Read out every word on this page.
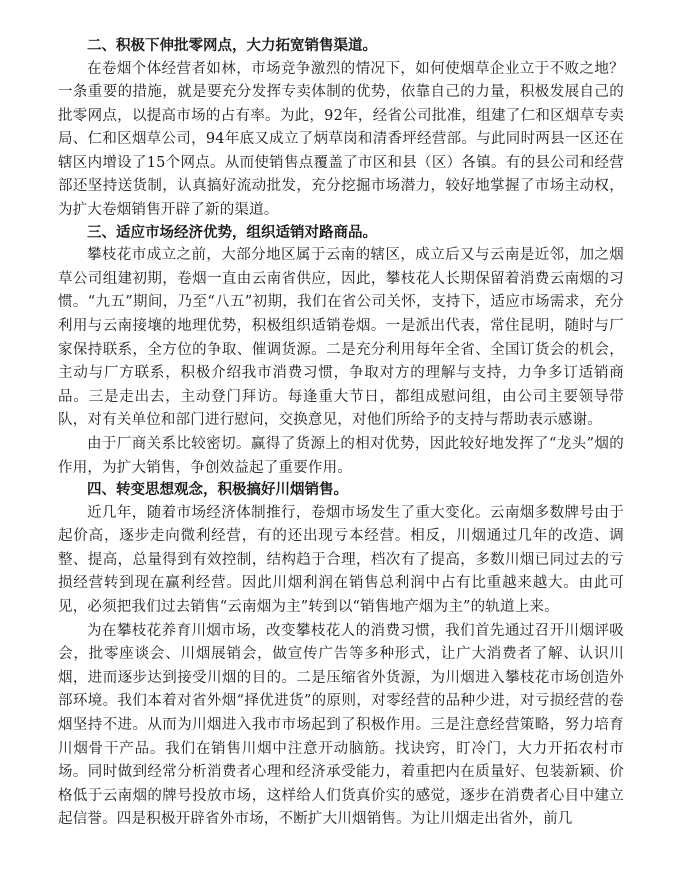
二、积极下伸批零网点，大力拓宽销售渠道。

在卷烟个体经营者如林，市场竞争激烈的情况下，如何使烟草企业立于不败之地？一条重要的措施，就是要充分发挥专卖体制的优势，依靠自己的力量，积极发展自己的批零网点，以提高市场的占有率。为此，92年，经省公司批准，组建了仁和区烟草专卖局、仁和区烟草公司，94年底又成立了炳草岗和清香坪经营部。与此同时两县一区还在辖区内增设了15个网点。从而使销售点覆盖了市区和县（区）各镇。有的县公司和经营部还坚持送货制，认真搞好流动批发，充分挖掘市场潜力，较好地掌握了市场主动权，为扩大卷烟销售开辟了新的渠道。

三、适应市场经济优势，组织适销对路商品。

攀枝花市成立之前，大部分地区属于云南的辖区，成立后又与云南是近邻，加之烟草公司组建初期，卷烟一直由云南省供应，因此，攀枝花人长期保留着消费云南烟的习惯。“九五”期间，乃至“八五”初期，我们在省公司关怀，支持下，适应市场需求，充分利用与云南接壤的地理优势，积极组织适销卷烟。一是派出代表，常住昆明，随时与厂家保持联系，全方位的争取、催调货源。二是充分利用每年全省、全国订货会的机会，主动与厂方联系，积极介绍我市消费习惯，争取对方的理解与支持，力争多订适销商品。三是走出去，主动登门拜访。每逢重大节日，都组成慰问组，由公司主要领导带队，对有关单位和部门进行慰问，交换意见，对他们所给予的支持与帮助表示感谢。

由于厂商关系比较密切。赢得了货源上的相对优势，因此较好地发挥了“龙头”烟的作用，为扩大销售，争创效益起了重要作用。

四、转变思想观念，积极搞好川烟销售。

近几年，随着市场经济体制推行，卷烟市场发生了重大变化。云南烟多数牌号由于起价高，逐步走向微利经营，有的还出现亏本经营。相反，川烟通过几年的改造、调整、提高，总量得到有效控制，结构趋于合理，档次有了提高，多数川烟已同过去的亏损经营转到现在赢利经营。因此川烟利润在销售总利润中占有比重越来越大。由此可见，必须把我们过去销售“云南烟为主”转到以“销售地产烟为主”的轨道上来。

为在攀枝花养育川烟市场，改变攀枝花人的消费习惯，我们首先通过召开川烟评吸会，批零座谈会、川烟展销会，做宣传广告等多种形式，让广大消费者了解、认识川烟，进而逐步达到接受川烟的目的。二是压缩省外货源，为川烟进入攀枝花市场创造外部环境。我们本着对省外烟“择优进货”的原则，对零经营的品种少进，对亏损经营的卷烟坚持不进。从而为川烟进入我市市场起到了积极作用。三是注意经营策略，努力培育川烟骨干产品。我们在销售川烟中注意开动脑筋。找诀窍，盯冷门，大力开拓农村市场。同时做到经常分析消费者心理和经济承受能力，着重把内在质量好、包装新颖、价格低于云南烟的牌号投放市场，这样给人们货真价实的感觉，逐步在消费者心目中建立起信誉。四是积极开辟省外市场，不断扩大川烟销售。为让川烟走出省外，前几
